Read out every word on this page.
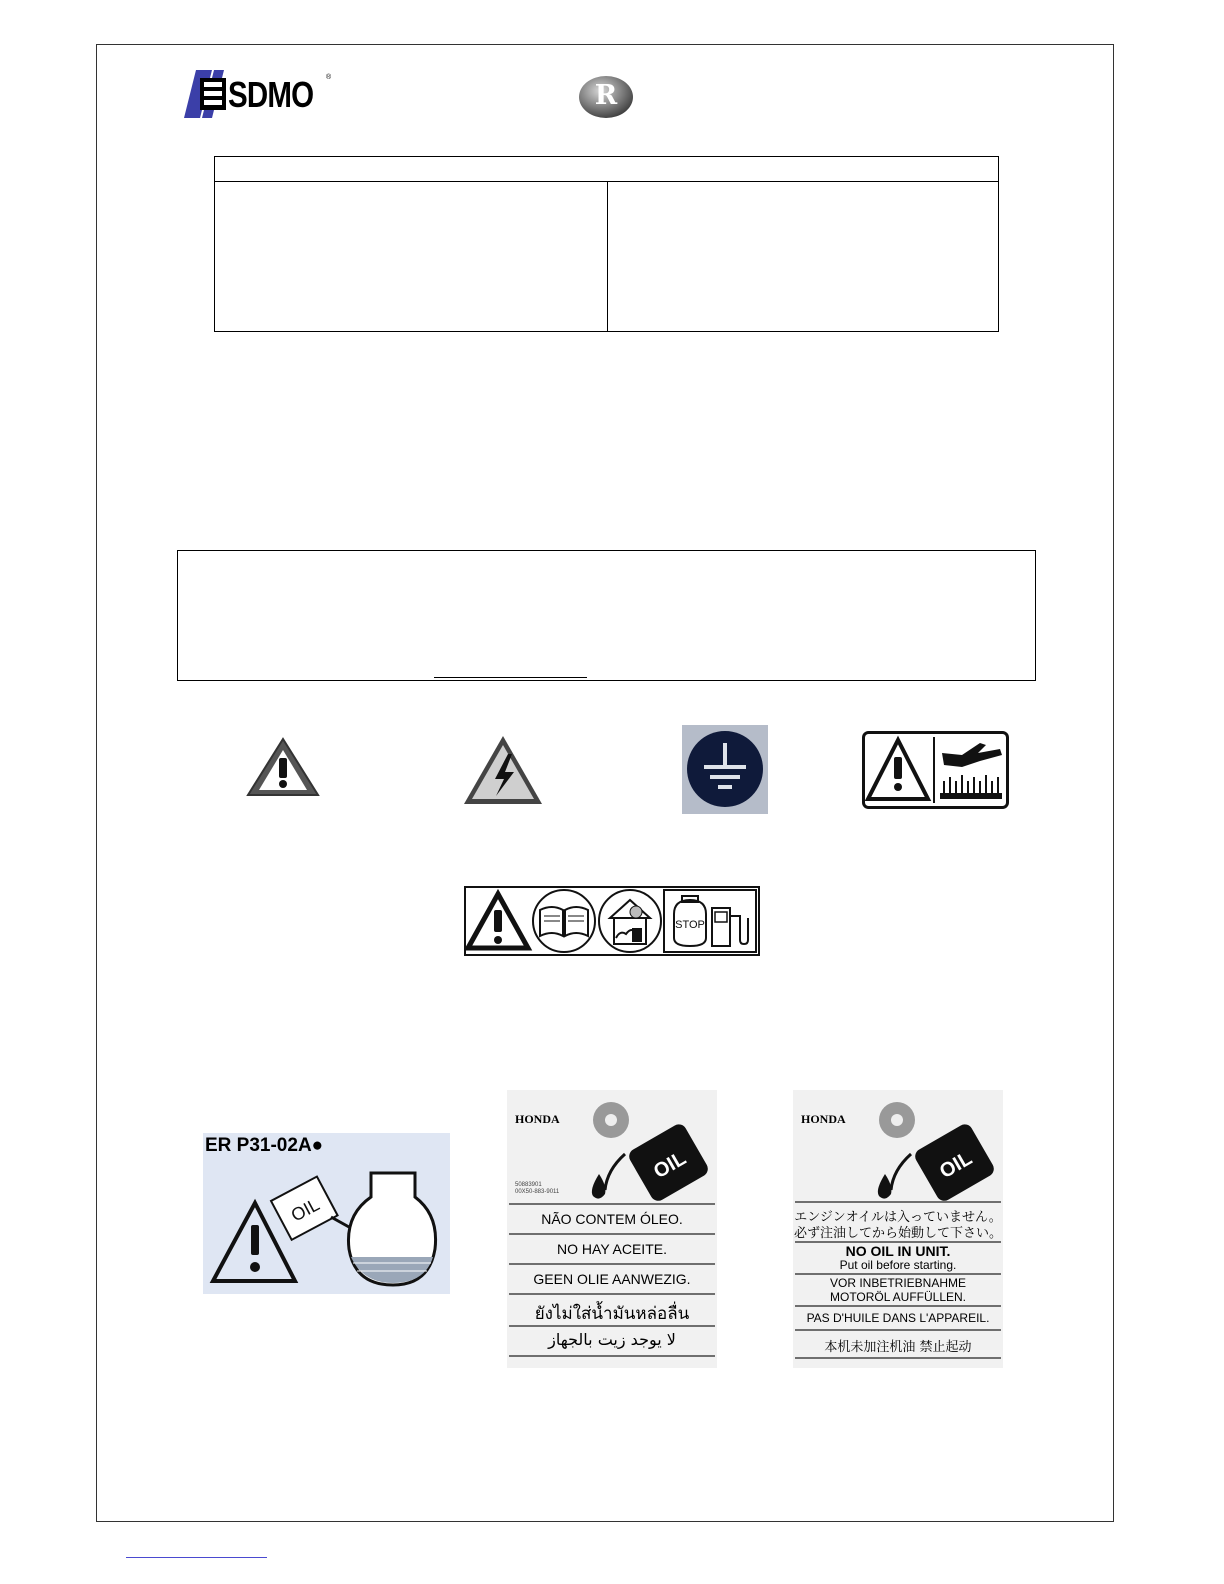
SDMO ®
R
STOP
ER P31-02A●
OIL
OIL
HONDA
50883901
00X50-883-9011
NÃO CONTEM ÓLEO.
NO HAY ACEITE.
GEEN OLIE AANWEZIG.
ยังไม่ใส่น้ำมันหล่อลื่น
لا يوجد زيت بالجهاز
OIL
HONDA
エンジンオイルは入っていません。
必ず注油してから始動して下さい。
NO OIL IN UNIT.
Put oil before starting.
VOR INBETRIEBNAHME
MOTORÖL AUFFÜLLEN.
PAS D'HUILE DANS L'APPAREIL.
本机未加注机油 禁止起动
